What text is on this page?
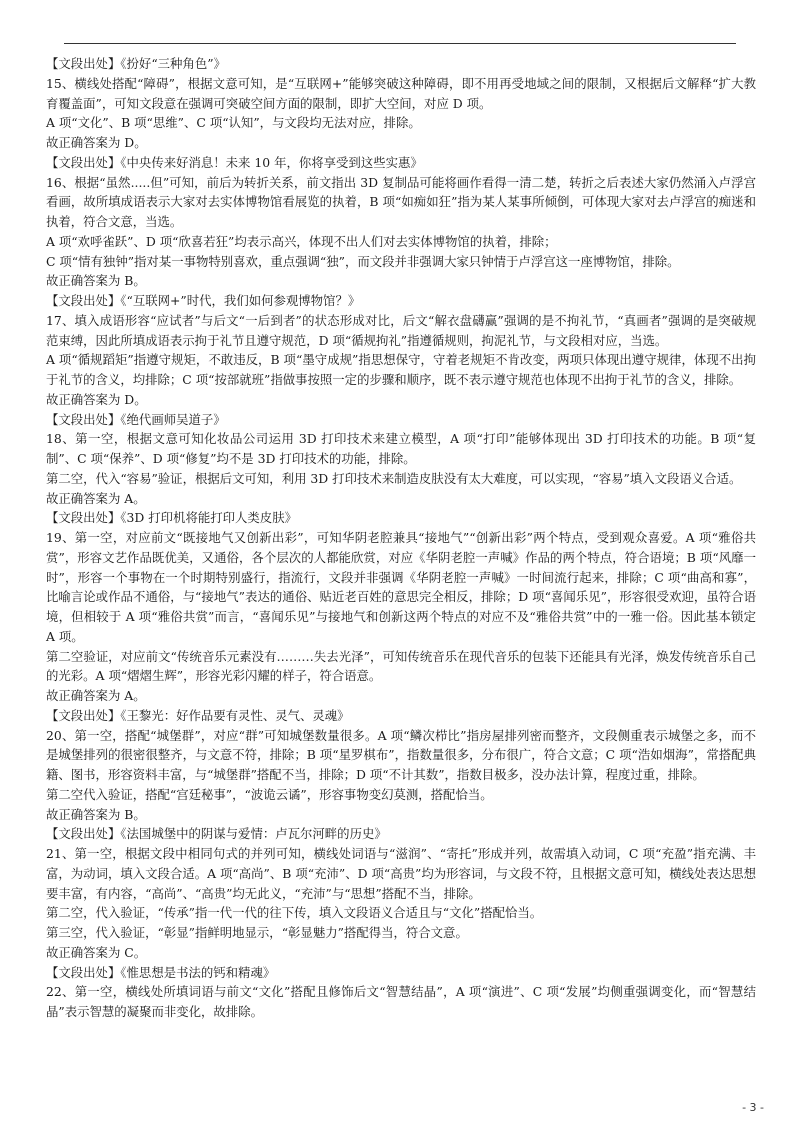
【文段出处】《扮好“三种角色”》

15、横线处搭配“障碍”，根据文意可知，是“互联网+”能够突破这种障碍，即不用再受地域之间的限制，又根据后文解释“扩大教育覆盖面”，可知文段意在强调可突破空间方面的限制，即扩大空间，对应 D 项。

A 项“文化”、B 项“思维”、C 项“认知”，与文段均无法对应，排除。

故正确答案为 D。

【文段出处】《中央传来好消息！未来 10 年，你将享受到这些实惠》

16、根据“虽然.....但”可知，前后为转折关系，前文指出 3D 复制品可能将画作看得一清二楚，转折之后表述大家仍然涌入卢浮宫看画，故所填成语表示大家对去实体博物馆看展览的执着，B 项“如痴如狂”指为某人某事所倾倒，可体现大家对去卢浮宫的痴迷和执着，符合文意，当选。

A 项“欢呼雀跃”、D 项“欣喜若狂”均表示高兴，体现不出人们对去实体博物馆的执着，排除；

C 项“情有独钟”指对某一事物特别喜欢，重点强调“独”，而文段并非强调大家只钟情于卢浮宫这一座博物馆，排除。

故正确答案为 B。

【文段出处】《“互联网+”时代，我们如何参观博物馆？》

17、填入成语形容“应试者”与后文“一后到者”的状态形成对比，后文“解衣盘礴赢”强调的是不拘礼节，“真画者”强调的是突破规范束缚，因此所填成语表示拘于礼节且遵守规范，D 项“循规拘礼”指遵循规则，拘泥礼节，与文段相对应，当选。

A 项“循规蹈矩”指遵守规矩，不敢违反，B 项“墨守成规”指思想保守，守着老规矩不肯改变，两项只体现出遵守规律，体现不出拘于礼节的含义，均排除；C 项“按部就班”指做事按照一定的步骤和顺序，既不表示遵守规范也体现不出拘于礼节的含义，排除。

故正确答案为 D。

【文段出处】《绝代画师吴道子》

18、第一空，根据文意可知化妆品公司运用 3D 打印技术来建立模型，A 项“打印”能够体现出 3D 打印技术的功能。B 项“复制”、C 项“保养”、D 项“修复”均不是 3D 打印技术的功能，排除。

第二空，代入“容易”验证，根据后文可知，利用 3D 打印技术来制造皮肤没有太大难度，可以实现，“容易”填入文段语义合适。

故正确答案为 A。

【文段出处】《3D 打印机将能打印人类皮肤》

19、第一空，对应前文“既接地气又创新出彩”，可知华阴老腔兼具“接地气”“创新出彩”两个特点，受到观众喜爱。A 项“雅俗共赏”，形容文艺作品既优美，又通俗，各个层次的人都能欣赏，对应《华阴老腔一声喊》作品的两个特点，符合语境；B 项“风靡一时”，形容一个事物在一个时期特别盛行，指流行，文段并非强调《华阴老腔一声喊》一时间流行起来，排除；C 项“曲高和寡”，比喻言论或作品不通俗，与“接地气”表达的通俗、贴近老百姓的意思完全相反，排除；D 项“喜闻乐见”，形容很受欢迎，虽符合语境，但相较于 A 项“雅俗共赏”而言，“喜闻乐见”与接地气和创新这两个特点的对应不及“雅俗共赏”中的一雅一俗。因此基本锁定 A 项。

第二空验证，对应前文“传统音乐元素没有………失去光泽”，可知传统音乐在现代音乐的包装下还能具有光泽，焕发传统音乐自己的光彩。A 项“熠熠生辉”，形容光彩闪耀的样子，符合语意。

故正确答案为 A。

【文段出处】《王黎光：好作品要有灵性、灵气、灵魂》

20、第一空，搭配“城堡群”，对应“群”可知城堡数量很多。A 项“鳞次栉比”指房屋排列密而整齐，文段侧重表示城堡之多，而不是城堡排列的很密很整齐，与文意不符，排除；B 项“星罗棋布”，指数量很多，分布很广，符合文意；C 项“浩如烟海”，常搭配典籍、图书，形容资料丰富，与“城堡群”搭配不当，排除；D 项“不计其数”，指数目极多，没办法计算，程度过重，排除。

第二空代入验证，搭配“宫廷秘事”，“波诡云谲”，形容事物变幻莫测，搭配恰当。

故正确答案为 B。

【文段出处】《法国城堡中的阴谋与爱情：卢瓦尔河畔的历史》

21、第一空，根据文段中相同句式的并列可知，横线处词语与“滋润”、“寄托”形成并列，故需填入动词，C 项“充盈”指充满、丰富，为动词，填入文段合适。A 项“高尚”、B 项“充沛”、D 项“高贵”均为形容词，与文段不符，且根据文意可知，横线处表达思想要丰富，有内容，“高尚”、“高贵”均无此义，“充沛”与“思想”搭配不当，排除。

第二空，代入验证，“传承”指一代一代的往下传，填入文段语义合适且与“文化”搭配恰当。

第三空，代入验证，“彰显”指鲜明地显示，“彰显魅力”搭配得当，符合文意。

故正确答案为 C。

【文段出处】《惟思想是书法的钙和精魂》

22、第一空，横线处所填词语与前文“文化”搭配且修饰后文“智慧结晶”，A 项“演进”、C 项“发展”均侧重强调变化，而“智慧结晶”表示智慧的凝聚而非变化，故排除。

- 3 -
